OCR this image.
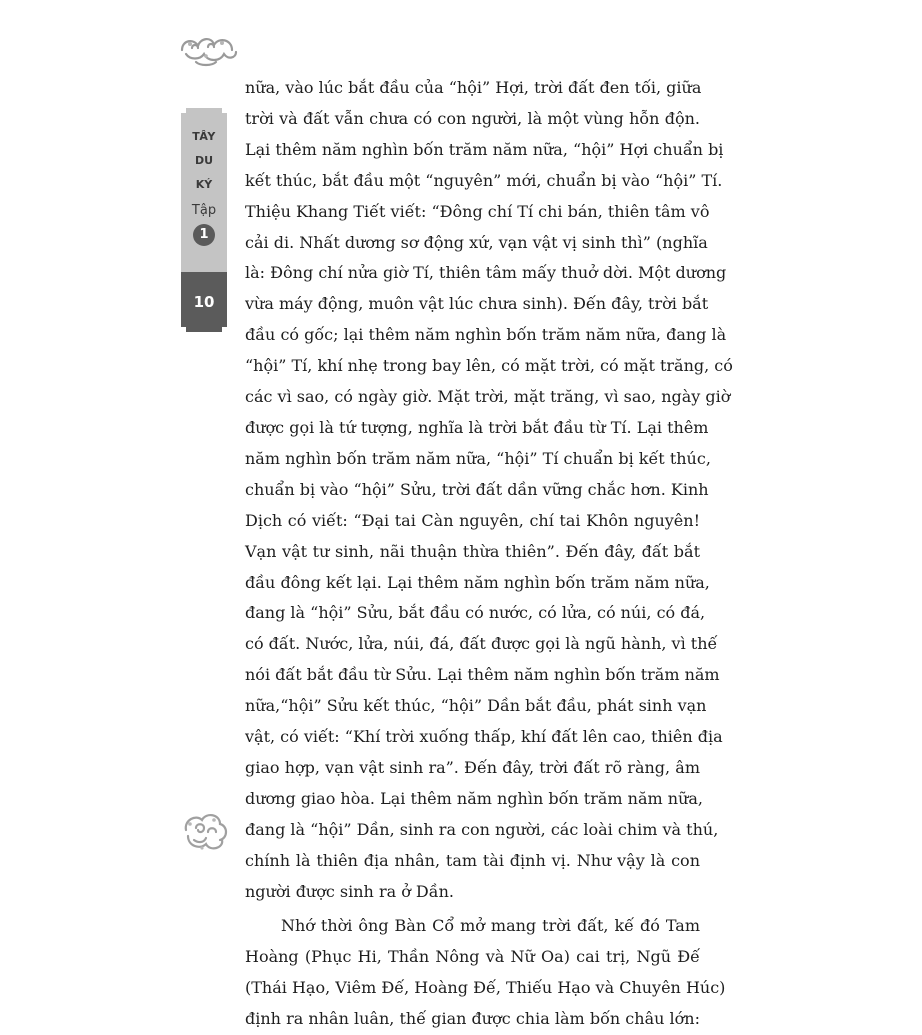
TÂY
DU
KÝ
Tập
1
10
nữa, vào lúc bắt đầu của “hội” Hợi, trời đất đen tối, giữa
trời và đất vẫn chưa có con người, là một vùng hỗn độn.
Lại thêm năm nghìn bốn trăm năm nữa, “hội” Hợi chuẩn bị
kết thúc, bắt đầu một “nguyên” mới, chuẩn bị vào “hội” Tí.
Thiệu Khang Tiết viết: “Đông chí Tí chi bán, thiên tâm vô
cải di. Nhất dương sơ động xứ, vạn vật vị sinh thì” (nghĩa
là: Đông chí nửa giờ Tí, thiên tâm mấy thuở dời. Một dương
vừa máy động, muôn vật lúc chưa sinh). Đến đây, trời bắt
đầu có gốc; lại thêm năm nghìn bốn trăm năm nữa, đang là
“hội” Tí, khí nhẹ trong bay lên, có mặt trời, có mặt trăng, có
các vì sao, có ngày giờ. Mặt trời, mặt trăng, vì sao, ngày giờ
được gọi là tứ tượng, nghĩa là trời bắt đầu từ Tí. Lại thêm
năm nghìn bốn trăm năm nữa, “hội” Tí chuẩn bị kết thúc,
chuẩn bị vào “hội” Sửu, trời đất dần vững chắc hơn. Kinh
Dịch có viết: “Đại tai Càn nguyên, chí tai Khôn nguyên!
Vạn vật tư sinh, nãi thuận thừa thiên”. Đến đây, đất bắt
đầu đông kết lại. Lại thêm năm nghìn bốn trăm năm nữa,
đang là “hội” Sửu, bắt đầu có nước, có lửa, có núi, có đá,
có đất. Nước, lửa, núi, đá, đất được gọi là ngũ hành, vì thế
nói đất bắt đầu từ Sửu. Lại thêm năm nghìn bốn trăm năm
nữa,“hội” Sửu kết thúc, “hội” Dần bắt đầu, phát sinh vạn
vật, có viết: “Khí trời xuống thấp, khí đất lên cao, thiên địa
giao hợp, vạn vật sinh ra”. Đến đây, trời đất rõ ràng, âm
dương giao hòa. Lại thêm năm nghìn bốn trăm năm nữa,
đang là “hội” Dần, sinh ra con người, các loài chim và thú,
chính là thiên địa nhân, tam tài định vị. Như vậy là con
người được sinh ra ở Dần.
Nhớ thời ông Bàn Cổ mở mang trời đất, kế đó Tam
Hoàng (Phục Hi, Thần Nông và Nữ Oa) cai trị, Ngũ Đế
(Thái Hạo, Viêm Đế, Hoàng Đế, Thiếu Hạo và Chuyên Húc)
định ra nhân luân, thế gian được chia làm bốn châu lớn:
